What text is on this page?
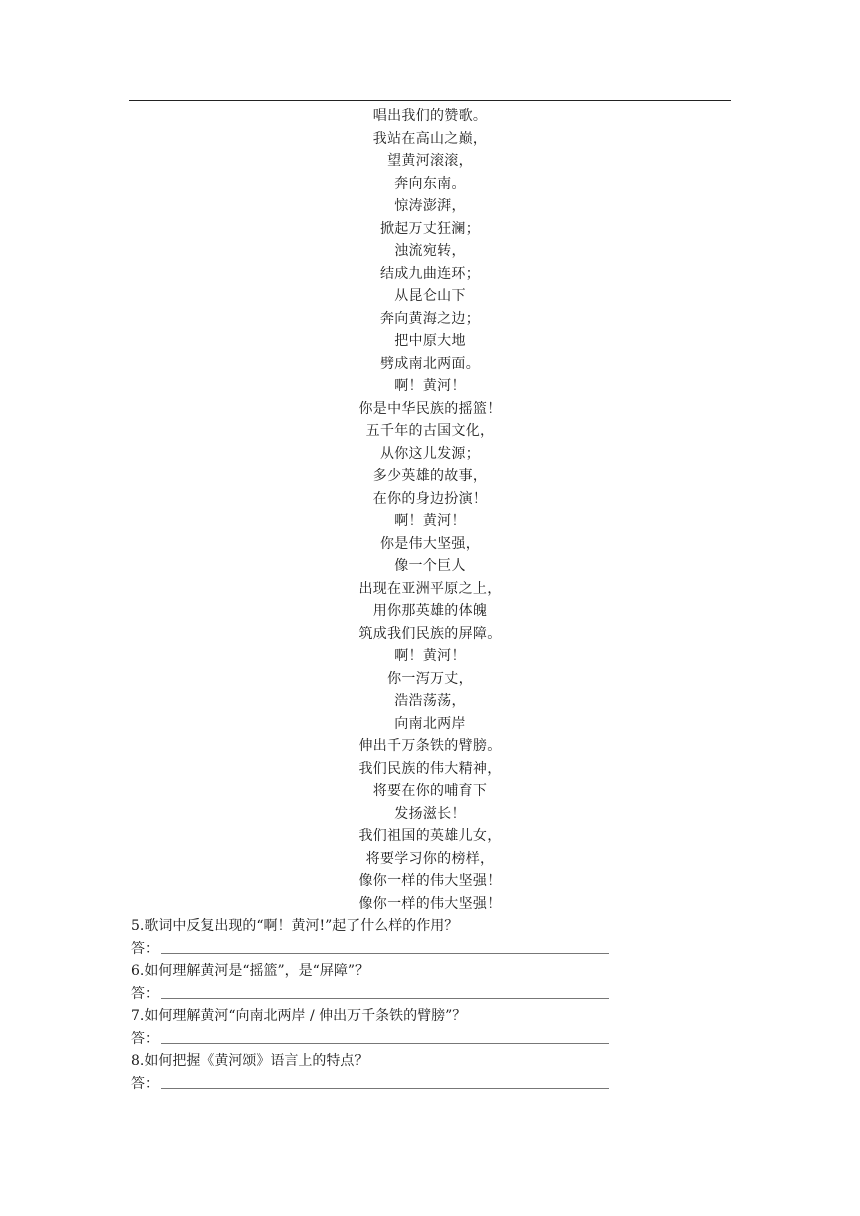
唱出我们的赞歌。
我站在高山之巅，
望黄河滚滚，
奔向东南。
惊涛澎湃，
掀起万丈狂澜；
浊流宛转，
结成九曲连环；
从昆仑山下
奔向黄海之边；
把中原大地
劈成南北两面。
啊！黄河！
你是中华民族的摇篮！
五千年的古国文化，
从你这儿发源；
多少英雄的故事，
在你的身边扮演！
啊！黄河！
你是伟大坚强，
像一个巨人
出现在亚洲平原之上，
用你那英雄的体魄
筑成我们民族的屏障。
啊！黄河！
你一泻万丈，
浩浩荡荡，
向南北两岸
伸出千万条铁的臂膀。
我们民族的伟大精神，
将要在你的哺育下
发扬滋长！
我们祖国的英雄儿女，
将要学习你的榜样，
像你一样的伟大坚强！
像你一样的伟大坚强！
5.歌词中反复出现的“啊！黄河!”起了什么样的作用？
答：
6.如何理解黄河是“摇篮”，是“屏障”？
答：
7.如何理解黄河“向南北两岸 / 伸出万千条铁的臂膀”？
答：
8.如何把握《黄河颂》语言上的特点？
答：
